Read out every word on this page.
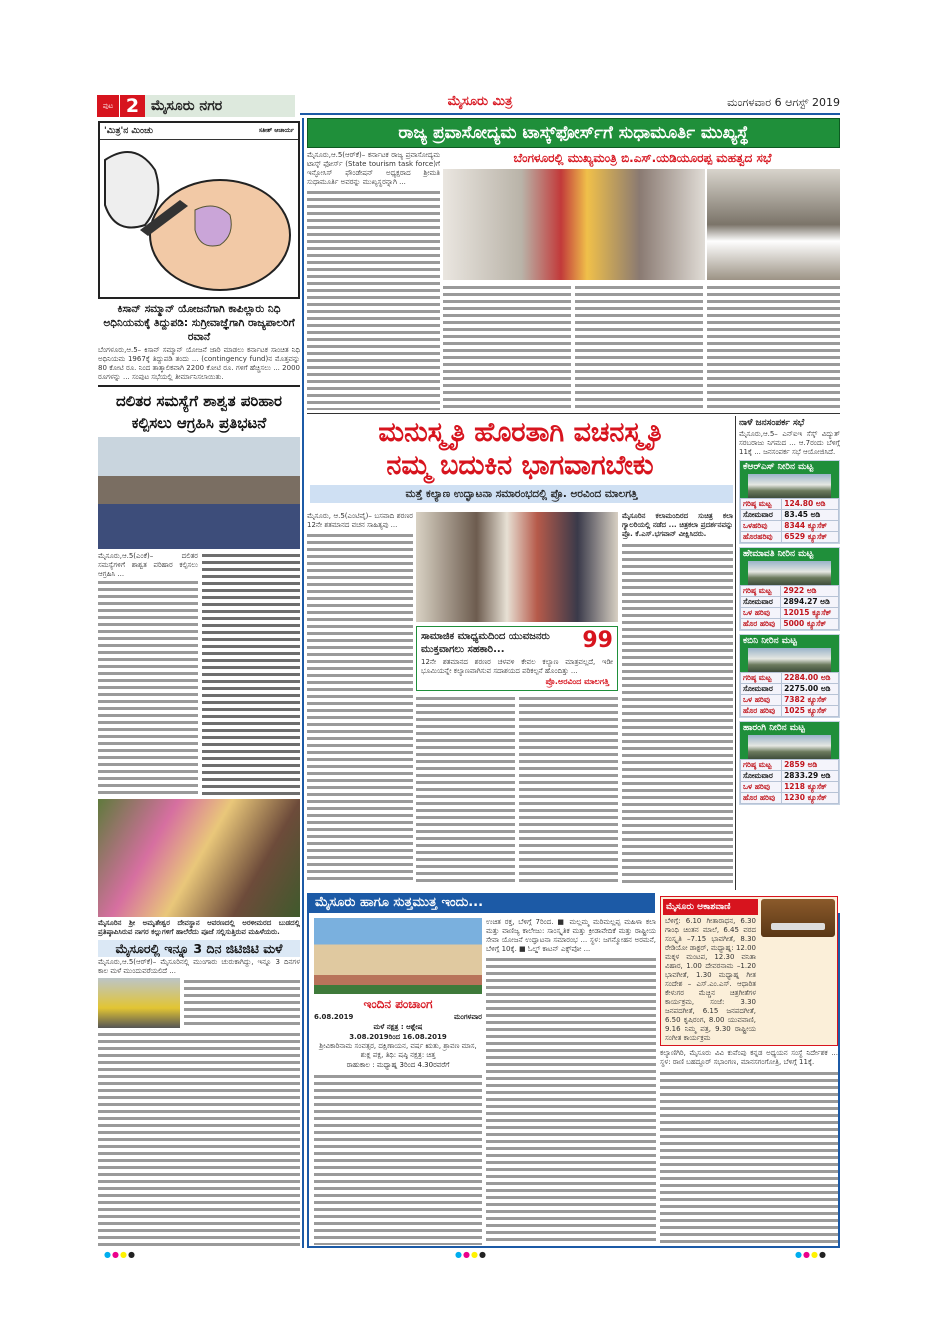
ಪುಟ 2 ಮೈಸೂರು ನಗರ	ಮೈಸೂರು ಮಿತ್ರ	ಮಂಗಳವಾರ 6 ಆಗಸ್ಟ್ 2019
'ಮಿತ್ರ'ನ ಮಿಂಚು	ಸತೀಶ್ ಆಚಾರ್ಯ
ಕಿಸಾನ್ ಸಮ್ಮಾನ್ ಯೋಜನೆಗಾಗಿ ಕಾಪಿಲ್ಲಾರು ನಿಧಿ ಅಧಿನಿಯಮಕ್ಕೆ ತಿದ್ದುಪಡಿ: ಸುಗ್ರೀವಾಜ್ಞೆಗಾಗಿ ರಾಜ್ಯಪಾಲರಿಗೆ ರವಾನೆ
ಬೆಂಗಳೂರು,ಆ.5– ಕಿಸಾನ್ ಸಮ್ಮಾನ್ ಯೋಜನೆ ಜಾರಿ ಮಾಡಲು ಕರ್ನಾಟಕ ಸಾಂಚಿತ ನಿಧಿ ಅಧಿನಿಯಮ 1967ಕ್ಕೆ ತಿದ್ದುಪಡಿ ತಂದು ... (contingency fund)ನ ಮೊತ್ತವನ್ನು 80 ಕೋಟಿ ರೂ. ನಿಂದ ತಾತ್ಕಾಲಿಕವಾಗಿ 2200 ಕೋಟಿ ರೂ. ಗಳಿಗೆ ಹೆಚ್ಚಿಸಲು ... 2000 ರೂಗಳನ್ನು ... ಸಂಪುಟ ಸಭೆಯಲ್ಲಿ ತೀರ್ಮಾನಿಸಲಾಯಿತು.
ದಲಿತರ ಸಮಸ್ಯೆಗೆ ಶಾಶ್ವತ ಪರಿಹಾರ ಕಲ್ಪಿಸಲು ಆಗ್ರಹಿಸಿ ಪ್ರತಿಭಟನೆ
ಮೈಸೂರು,ಆ.5(ಎಂಕೆ)– ದಲಿತರ ಸಮಸ್ಯೆಗಳಿಗೆ ಶಾಶ್ವತ ಪರಿಹಾರ ಕಲ್ಪಿಸಲು ಆಗ್ರಹಿಸಿ ...
ಮೈಸೂರಿನ ಶ್ರೀ ಅಮೃತೇಶ್ವರ ದೇವಸ್ಥಾನ ಆವರಣದಲ್ಲಿ ಅರಳೀಮರದ ಬುಡದಲ್ಲಿ ಪ್ರತಿಷ್ಠಾಪಿಸಿರುವ ನಾಗರ ಕಲ್ಲುಗಳಿಗೆ ಹಾಲೆರೆದು ಪೂಜೆ ಸಲ್ಲಿಸುತ್ತಿರುವ ಮಹಿಳೆಯರು.
ಮೈಸೂರಲ್ಲಿ ಇನ್ನೂ 3 ದಿನ ಜಿಟಿಜಿಟಿ ಮಳೆ
ಮೈಸೂರು,ಆ.5(ಆರ್‌ಕೆ)– ಮೈಸೂರಿನಲ್ಲಿ ಮುಂಗಾರು ಚುರುಕಾಗಿದ್ದು, ಇನ್ನೂ 3 ದಿನಗಳ ಕಾಲ ಮಳೆ ಮುಂದುವರೆಯಲಿದೆ ...
ರಾಜ್ಯ ಪ್ರವಾಸೋದ್ಯಮ ಟಾಸ್ಕ್‌ಫೋರ್ಸ್‌ಗೆ ಸುಧಾಮೂರ್ತಿ ಮುಖ್ಯಸ್ಥೆ
ಬೆಂಗಳೂರಲ್ಲಿ ಮುಖ್ಯಮಂತ್ರಿ ಬಿ.ಎಸ್.ಯಡಿಯೂರಪ್ಪ ಮಹತ್ವದ ಸಭೆ
ಮೈಸೂರು,ಆ.5(ಆರ್‌ಕೆ)– ಕರ್ನಾಟಕ ರಾಜ್ಯ ಪ್ರವಾಸೋದ್ಯಮ ಟಾಸ್ಕ್ ಫೋರ್ಸ್ (State tourism task force)ಗೆ ಇನ್ಫೋಸಿಸ್ ಫೌಂಡೇಷನ್ ಅಧ್ಯಕ್ಷರಾದ ಶ್ರೀಮತಿ ಸುಧಾಮೂರ್ತಿ ಅವರನ್ನು ಮುಖ್ಯಸ್ಥರನ್ನಾಗಿ ...
ಮನುಸ್ಮೃತಿ ಹೊರತಾಗಿ ವಚನಸ್ಮೃತಿ
ನಮ್ಮ ಬದುಕಿನ ಭಾಗವಾಗಬೇಕು
ಮತ್ತೆ ಕಲ್ಯಾಣ ಉದ್ಘಾಟನಾ ಸಮಾರಂಭದಲ್ಲಿ ಪ್ರೊ. ಅರವಿಂದ ಮಾಲಗತ್ತಿ
ಮೈಸೂರು, ಆ.5(ಎಂಟಿವೈ)– ಬಸವಾದಿ ಶರಣರ 12ನೇ ಶತಮಾನದ ವಚನ ಸಾಹಿತ್ಯವು ...
ಮೈಸೂರಿನ ಕಲಾಮಂದಿರದ ಸುಚಿತ್ರ ಕಲಾ ಗ್ಯಾಲರಿಯಲ್ಲಿ ನಡೆದ ... ಚಿತ್ರಕಲಾ ಪ್ರದರ್ಶನವನ್ನು ಪ್ರೊ. ಕೆ.ಎಸ್.ಭಗವಾನ್ ವೀಕ್ಷಿಸಿದರು.
99
ಸಾಮಾಜಿಕ ಮಾಧ್ಯಮದಿಂದ ಯುವಜನರು ಮುಕ್ತವಾಗಲು ಸಹಕಾರಿ...
12ನೇ ಶತಮಾನದ ಶರಣರ ಚಳವಳಿ ಕೇವಲ ಕಲ್ಯಾಣ ಮಾತ್ರವಲ್ಲದೆ, ಇಡೀ ಭೂಮಿಯನ್ನೇ ಕಲ್ಯಾಣವಾಗಿಸುವ ಸದಾಶಯದ ಪರಿಕಲ್ಪನೆ ಹೊಂದಿತ್ತು ...
ಪ್ರೊ.ಅರವಿಂದ ಮಾಲಗತ್ತಿ
ನಾಳೆ ಜನಸಂಪರ್ಕ ಸಭೆ
ಮೈಸೂರು,ಆ.5– ಎನ್‌ಐಇ ಸೆಸ್ಕ್ ವಿದ್ಯುತ್ ಸರಬರಾಜು ನಿಗಮದ ... ಆ.7ರಂದು ಬೆಳಿಗ್ಗೆ 11ಕ್ಕೆ ... ಜನಸಂಪರ್ಕ ಸಭೆ ಆಯೋಜಿಸಿದೆ.
ಕೆಆರ್‌ಎಸ್ ನೀರಿನ ಮಟ್ಟ
ಗರಿಷ್ಠ ಮಟ್ಟ	124.80 ಅಡಿ
ಸೋಮವಾರ	83.45 ಅಡಿ
ಒಳಹರಿವು	8344 ಕ್ಯೂಸೆಕ್
ಹೊರಹರಿವು	6529 ಕ್ಯೂಸೆಕ್
ಹೇಮಾವತಿ ನೀರಿನ ಮಟ್ಟ
ಗರಿಷ್ಠ ಮಟ್ಟ	2922 ಅಡಿ
ಸೋಮವಾರ	2894.27 ಅಡಿ
ಒಳ ಹರಿವು	12015 ಕ್ಯೂಸೆಕ್
ಹೊರ ಹರಿವು	5000 ಕ್ಯೂಸೆಕ್
ಕಬಿನಿ ನೀರಿನ ಮಟ್ಟ
ಗರಿಷ್ಠ ಮಟ್ಟ	2284.00 ಅಡಿ
ಸೋಮವಾರ	2275.00 ಅಡಿ
ಒಳ ಹರಿವು	7382 ಕ್ಯೂಸೆಕ್
ಹೊರ ಹರಿವು	1025 ಕ್ಯೂಸೆಕ್
ಹಾರಂಗಿ ನೀರಿನ ಮಟ್ಟ
ಗರಿಷ್ಠ ಮಟ್ಟ	2859 ಅಡಿ
ಸೋಮವಾರ	2833.29 ಅಡಿ
ಒಳ ಹರಿವು	1218 ಕ್ಯೂಸೆಕ್
ಹೊರ ಹರಿವು	1230 ಕ್ಯೂಸೆಕ್
ಮೈಸೂರು ಹಾಗೂ ಸುತ್ತಮುತ್ತ ಇಂದು...
ಇಂದಿನ ಪಂಚಾಂಗ
6.08.2019	ಮಂಗಳವಾರ
ಮಳೆ ನಕ್ಷತ್ರ : ಆಶ್ಲೇಷ
3.08.2019ರಿಂದ 16.08.2019
ಶ್ರೀವಿಕಾರಿನಾಮ ಸಂವತ್ಸರ, ದಕ್ಷಿಣಾಯನ, ವರ್ಷ ಋತು, ಶ್ರಾವಣ ಮಾಸ, ಶುಕ್ಲ ಪಕ್ಷ, ತಿಥಿ: ಷಷ್ಠಿ ನಕ್ಷತ್ರ: ಚಿತ್ತ
ರಾಹುಕಾಲ : ಮಧ್ಯಾಹ್ನ 3ರಿಂದ 4.30ರವರೆಗೆ
ಉಚಿತ ರಕ್ತ, ಬೆಳಿಗ್ಗೆ 7ರಿಂದ. ■ ಮಲ್ಲಮ್ಮ ಮರಿಮಲ್ಲಪ್ಪ ಮಹಿಳಾ ಕಲಾ ಮತ್ತು ವಾಣಿಜ್ಯ ಕಾಲೇಜು: ಸಾಂಸ್ಕೃತಿಕ ಮತ್ತು ಕ್ರೀಡಾವೇದಿಕೆ ಮತ್ತು ರಾಷ್ಟ್ರೀಯ ಸೇವಾ ಯೋಜನೆ ಉದ್ಘಾಟನಾ ಸಮಾರಂಭ ... ಸ್ಥಳ: ಜಗನ್ಮೋಹನ ಅರಮನೆ, ಬೆಳಿಗ್ಗೆ 10ಕ್ಕೆ. ■ ಓಲ್ಡ್ ಕಾಟನ್ ಎಕ್ಸ್‌ಪೋ ...
ಮೈಸೂರು ಆಕಾಶವಾಣಿ
ಬೆಳಿಗ್ಗೆ: 6.10 ಗೀತಾರಾಧನ, 6.30 ಗಾಂಧಿ ಚಿಂತನ ಮಾಲೆ, 6.45 ವರದ ಸಂಸ್ಕೃತಿ –7.15 ಭಾವಗೀತೆ, 8.30 ರೇಡಿಯೋ ಡಾಕ್ಟರ್, ಮಧ್ಯಾಹ್ನ: 12.00 ಮಕ್ಕಳ ಮಂಟಪ, 12.30 ವನಿತಾ ವಿಹಾರ, 1.00 ದೇವರನಾಮ –1.20 ಭಾವಗೀತೆ, 1.30 ಮಧ್ಯಾಹ್ನ ಗೀತ ಸಂದೇಶ – ಎಸ್.ಎಂ.ಎಸ್. ಆಧಾರಿತ ಕೇಳುಗರ ಮೆಚ್ಚಿನ ಚಿತ್ರಗೀತೆಗಳ ಕಾರ್ಯಕ್ರಮ, ಸಂಜೆ: 3.30 ಜನಪದಗೀತೆ, 6.15 ಜನಪದಗೀತೆ, 6.50 ಕೃಷಿರಂಗ, 8.00 ಯುವವಾಣಿ, 9.16 ನಿಮ್ಮ ಪತ್ರ, 9.30 ರಾಷ್ಟ್ರೀಯ ಸಂಗೀತ ಕಾರ್ಯಕ್ರಮ
ಕಲ್ಯಾಣಿಗಿರಿ, ಮೈಸೂರು ವಿವಿ ಕುವೆಂಪು ಕನ್ನಡ ಅಧ್ಯಯನ ಸಂಸ್ಥೆ ನಿರ್ದೇಶಕ ... ಸ್ಥಳ: ರಾಣಿ ಬಹದ್ದೂರ್ ಸಭಾಂಗಣ, ಮಾನಸಗಂಗೋತ್ರಿ, ಬೆಳಿಗ್ಗೆ 11ಕ್ಕೆ.
●●●●	●●●●	●●●●
